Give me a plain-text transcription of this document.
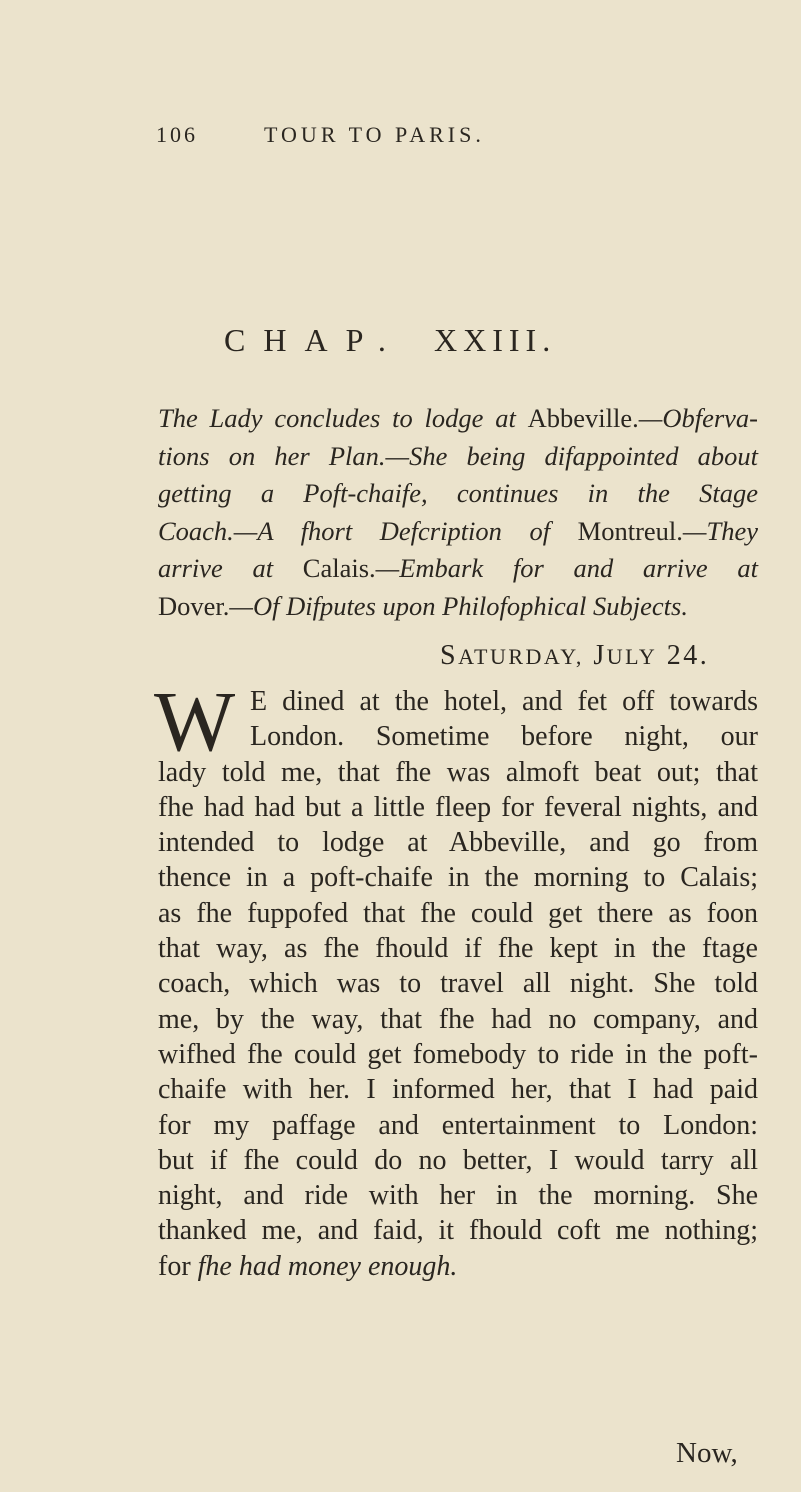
106	TOUR TO PARIS.
CHAP. XXIII.
The Lady concludes to lodge at Abbeville.—Obferva-
tions on her Plan.—She being difappointed about
getting a Poft-chaife, continues in the Stage
Coach.—A fhort Defcription of Montreul.—They
arrive at Calais.—Embark for and arrive at
Dover.—Of Difputes upon Philofophical Subjects.
SATURDAY, JULY 24.
W E dined at the hotel, and fet off towards
London. Sometime before night, our
lady told me, that fhe was almoft beat out; that
fhe had had but a little fleep for feveral nights, and
intended to lodge at Abbeville, and go from
thence in a poft-chaife in the morning to Calais;
as fhe fuppofed that fhe could get there as foon
that way, as fhe fhould if fhe kept in the ftage
coach, which was to travel all night. She told
me, by the way, that fhe had no company, and
wifhed fhe could get fomebody to ride in the poft-
chaife with her. I informed her, that I had paid
for my paffage and entertainment to London:
but if fhe could do no better, I would tarry all
night, and ride with her in the morning. She
thanked me, and faid, it fhould coft me nothing;
for fhe had money enough.
Now,
